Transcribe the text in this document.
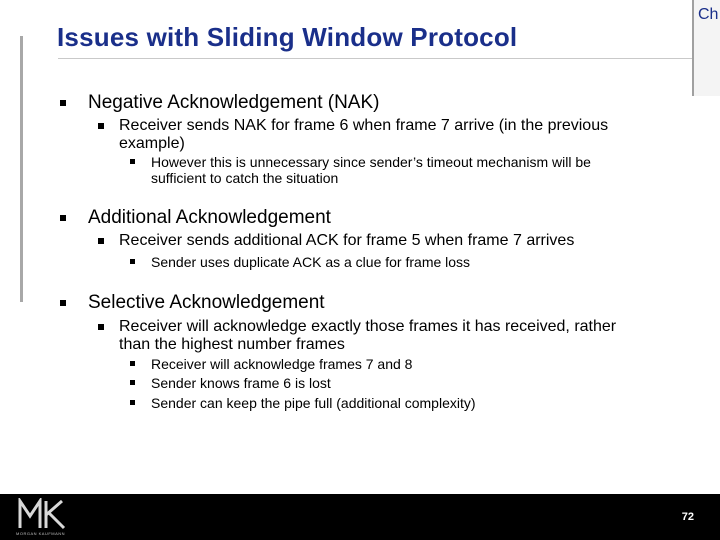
Ch
Issues with Sliding Window Protocol
Negative Acknowledgement (NAK)
Receiver sends NAK for frame 6 when frame 7 arrive (in the previous
example)
However this is unnecessary since sender’s timeout mechanism will be
sufficient to catch the situation
Additional Acknowledgement
Receiver sends additional ACK for frame 5 when frame 7 arrives
Sender uses duplicate ACK as a clue for frame loss
Selective Acknowledgement
Receiver will acknowledge exactly those frames it has received, rather
than the highest number frames
Receiver will acknowledge frames 7 and 8
Sender knows frame 6 is lost
Sender can keep the pipe full (additional complexity)
MORGAN KAUFMANN
72
